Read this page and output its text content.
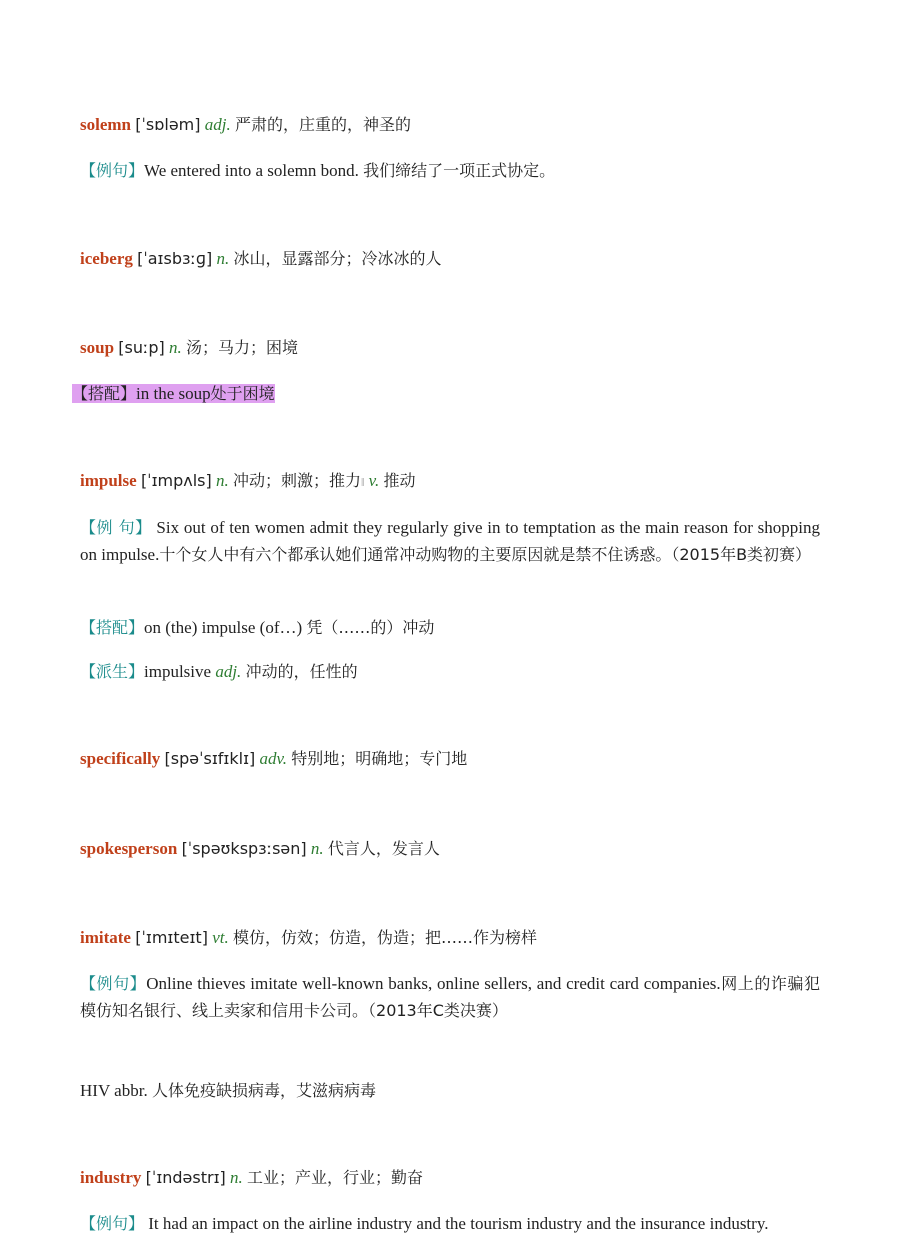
solemn [ˈsɒləm] adj. 严肃的，庄重的，神圣的
【例句】We entered into a solemn bond. 我们缔结了一项正式协定。
iceberg [ˈaɪsbɜːɡ] n. 冰山，显露部分；冷冰冰的人
soup [suːp] n. 汤；马力；困境
【搭配】in the soup处于困境
impulse [ˈɪmpʌls] n. 冲动；刺激；推力‖ v. 推动
【例 句】 Six out of ten women admit they regularly give in to temptation as the main reason for shopping on impulse.十个女人中有六个都承认她们通常冲动购物的主要原因就是禁不住诱惑。（2015年B类初赛）
【搭配】on (the) impulse (of…) 凭（……的）冲动
【派生】impulsive adj. 冲动的，任性的
specifically [spəˈsɪfɪklɪ] adv. 特别地；明确地；专门地
spokesperson [ˈspəʊkspɜːsən] n. 代言人，发言人
imitate [ˈɪmɪteɪt] vt. 模仿，仿效；仿造，伪造；把……作为榜样
【例句】Online thieves imitate well-known banks, online sellers, and credit card companies.网上的诈骗犯模仿知名银行、线上卖家和信用卡公司。（2013年C类决赛）
HIV abbr. 人体免疫缺损病毒，艾滋病病毒
industry [ˈɪndəstrɪ] n. 工业；产业，行业；勤奋
【例句】 It had an impact on the airline industry and the tourism industry and the insurance industry.
